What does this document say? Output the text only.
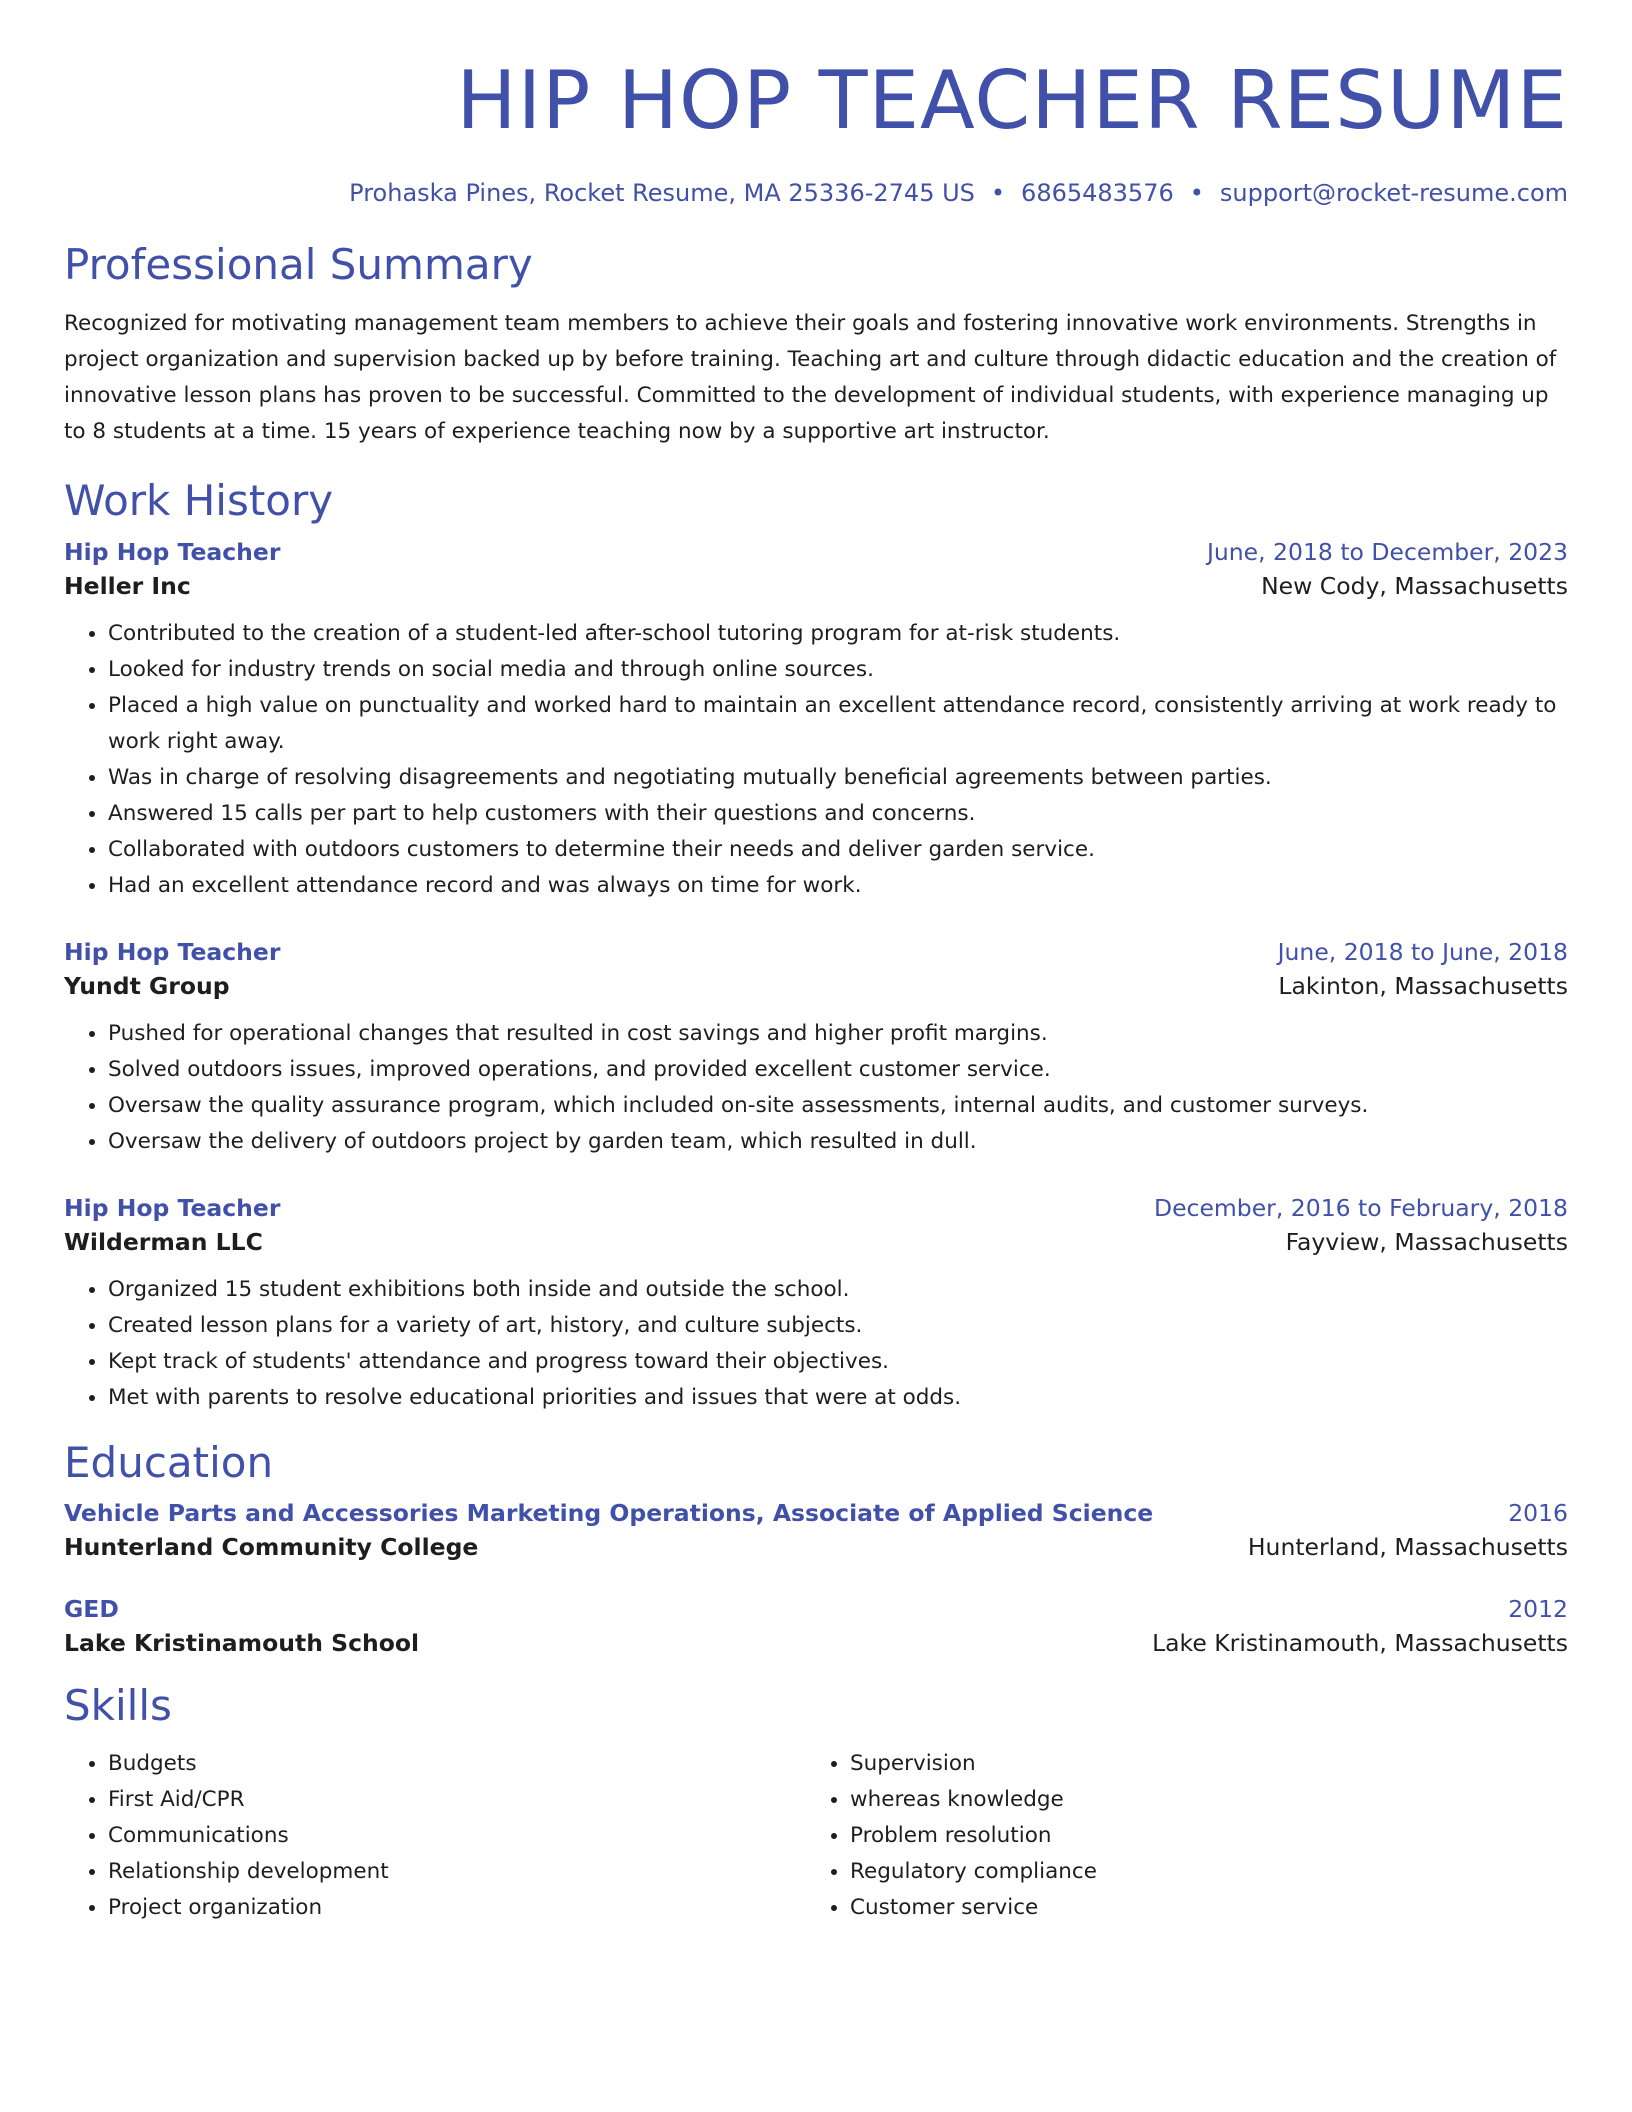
HIP HOP TEACHER RESUME
Prohaska Pines, Rocket Resume, MA 25336-2745 US • 6865483576 • support@rocket-resume.com
Professional Summary

Recognized for motivating management team members to achieve their goals and fostering innovative work environments. Strengths in project organization and supervision backed up by before training. Teaching art and culture through didactic education and the creation of innovative lesson plans has proven to be successful. Committed to the development of individual students, with experience managing up to 8 students at a time. 15 years of experience teaching now by a supportive art instructor.

Work History
Hip Hop Teacher	June, 2018 to December, 2023
Heller Inc	New Cody, Massachusetts
• Contributed to the creation of a student-led after-school tutoring program for at-risk students.
• Looked for industry trends on social media and through online sources.
• Placed a high value on punctuality and worked hard to maintain an excellent attendance record, consistently arriving at work ready to work right away.
• Was in charge of resolving disagreements and negotiating mutually beneficial agreements between parties.
• Answered 15 calls per part to help customers with their questions and concerns.
• Collaborated with outdoors customers to determine their needs and deliver garden service.
• Had an excellent attendance record and was always on time for work.
Hip Hop Teacher	June, 2018 to June, 2018
Yundt Group	Lakinton, Massachusetts
• Pushed for operational changes that resulted in cost savings and higher profit margins.
• Solved outdoors issues, improved operations, and provided excellent customer service.
• Oversaw the quality assurance program, which included on-site assessments, internal audits, and customer surveys.
• Oversaw the delivery of outdoors project by garden team, which resulted in dull.
Hip Hop Teacher	December, 2016 to February, 2018
Wilderman LLC	Fayview, Massachusetts
• Organized 15 student exhibitions both inside and outside the school.
• Created lesson plans for a variety of art, history, and culture subjects.
• Kept track of students' attendance and progress toward their objectives.
• Met with parents to resolve educational priorities and issues that were at odds.
Education
Vehicle Parts and Accessories Marketing Operations, Associate of Applied Science	2016
Hunterland Community College	Hunterland, Massachusetts
GED	2012
Lake Kristinamouth School	Lake Kristinamouth, Massachusetts
Skills
• Budgets
• First Aid/CPR
• Communications
• Relationship development
• Project organization
• Supervision
• whereas knowledge
• Problem resolution
• Regulatory compliance
• Customer service
